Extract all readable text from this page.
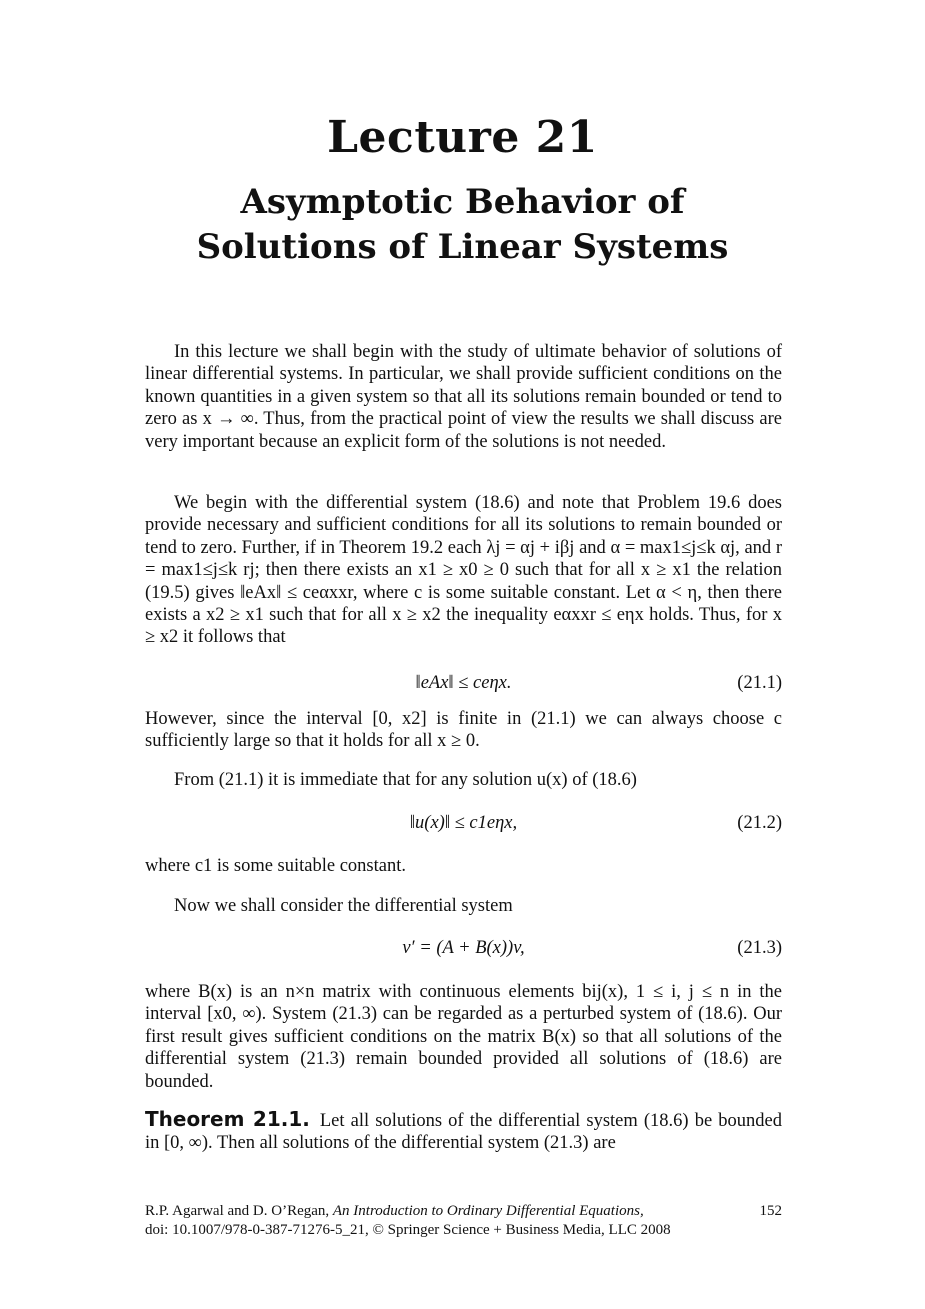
Lecture 21
Asymptotic Behavior of
Solutions of Linear Systems

In this lecture we shall begin with the study of ultimate behavior of solutions of linear differential systems. In particular, we shall provide sufficient conditions on the known quantities in a given system so that all its solutions remain bounded or tend to zero as x → ∞. Thus, from the practical point of view the results we shall discuss are very important because an explicit form of the solutions is not needed.

We begin with the differential system (18.6) and note that Problem 19.6 does provide necessary and sufficient conditions for all its solutions to remain bounded or tend to zero. Further, if in Theorem 19.2 each λj = αj + iβj and α = max1≤j≤k αj, and r = max1≤j≤k rj; then there exists an x1 ≥ x0 ≥ 0 such that for all x ≥ x1 the relation (19.5) gives ‖eAx‖ ≤ ceαxxr, where c is some suitable constant. Let α < η, then there exists a x2 ≥ x1 such that for all x ≥ x2 the inequality eαxxr ≤ eηx holds. Thus, for x ≥ x2 it follows that

‖eAx‖ ≤ ceηx.	(21.1)

However, since the interval [0, x2] is finite in (21.1) we can always choose c sufficiently large so that it holds for all x ≥ 0.

From (21.1) it is immediate that for any solution u(x) of (18.6)

‖u(x)‖ ≤ c1eηx,	(21.2)

where c1 is some suitable constant.

Now we shall consider the differential system

v′ = (A + B(x))v,	(21.3)

where B(x) is an n×n matrix with continuous elements bij(x), 1 ≤ i, j ≤ n in the interval [x0, ∞). System (21.3) can be regarded as a perturbed system of (18.6). Our first result gives sufficient conditions on the matrix B(x) so that all solutions of the differential system (21.3) remain bounded provided all solutions of (18.6) are bounded.

Theorem 21.1. Let all solutions of the differential system (18.6) be bounded in [0, ∞). Then all solutions of the differential system (21.3) are

R.P. Agarwal and D. O’Regan, An Introduction to Ordinary Differential Equations,
doi: 10.1007/978-0-387-71276-5_21, © Springer Science + Business Media, LLC 2008
152
